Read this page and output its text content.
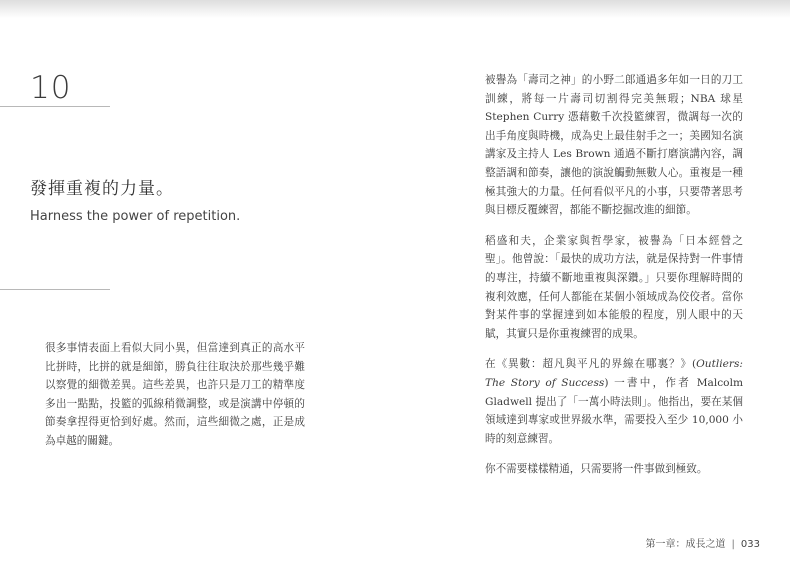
10
發揮重複的力量。
Harness the power of repetition.

很多事情表面上看似大同小異，但當達到真正的高水平比拼時，比拼的就是細節，勝負往往取決於那些幾乎難以察覺的細微差異。這些差異，也許只是刀工的精準度多出一點點，投籃的弧線稍微調整，或是演講中停頓的節奏拿捏得更恰到好處。然而，這些細微之處，正是成為卓越的關鍵。

被譽為「壽司之神」的小野二郎通過多年如一日的刀工訓練，將每一片壽司切割得完美無瑕；NBA 球星 Stephen Curry 憑藉數千次投籃練習，微調每一次的出手角度與時機，成為史上最佳射手之一；美國知名演講家及主持人 Les Brown 通過不斷打磨演講內容，調整語調和節奏，讓他的演說觸動無數人心。重複是一種極其強大的力量。任何看似平凡的小事，只要帶著思考與目標反覆練習，都能不斷挖掘改進的細節。

稻盛和夫，企業家與哲學家，被譽為「日本經營之聖」。他曾說：「最快的成功方法，就是保持對一件事情的專注，持續不斷地重複與深鑽。」只要你理解時間的複利效應，任何人都能在某個小領域成為佼佼者。當你對某件事的掌握達到如本能般的程度，別人眼中的天賦，其實只是你重複練習的成果。

在《異數：超凡與平凡的界線在哪裏？》(Outliers: The Story of Success) 一書中，作者 Malcolm Gladwell 提出了「一萬小時法則」。他指出，要在某個領域達到專家或世界級水準，需要投入至少 10,000 小時的刻意練習。

你不需要樣樣精通，只需要將一件事做到極致。

第一章：成長之道 | 033
